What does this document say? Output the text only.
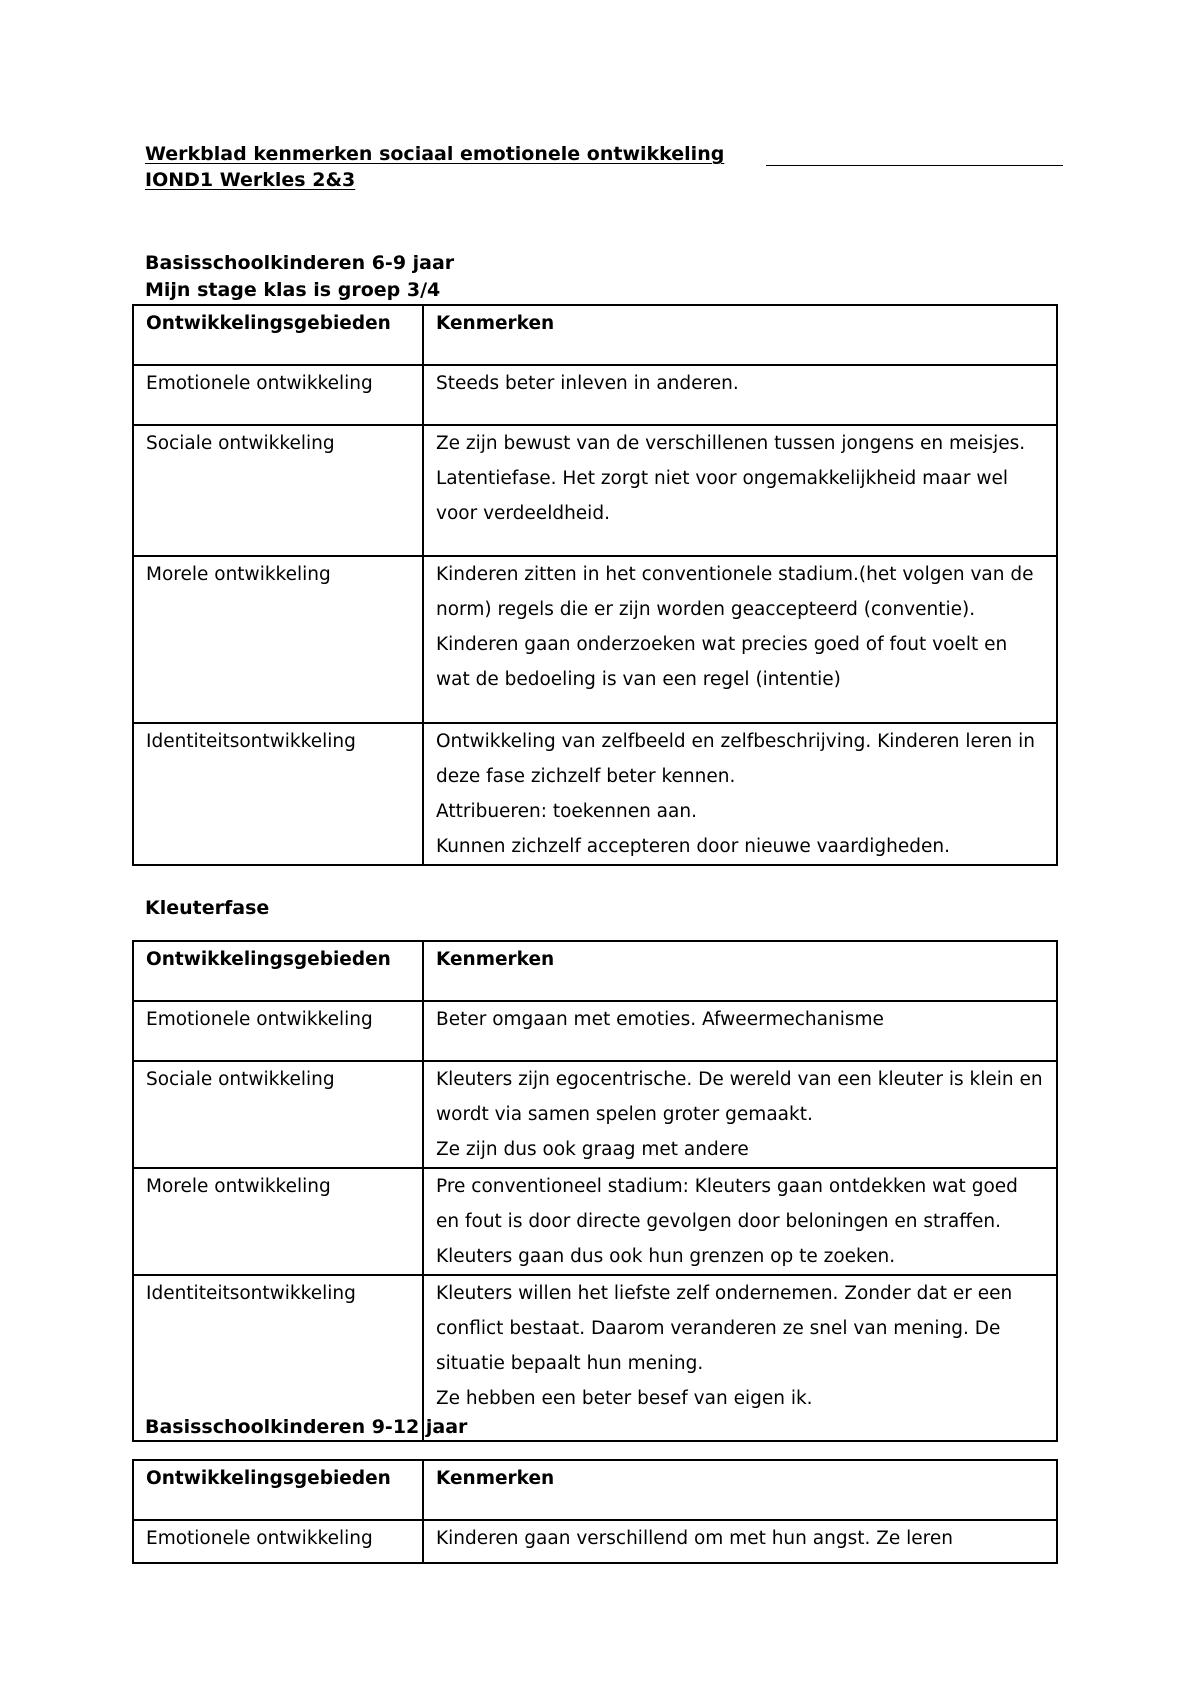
Werkblad kenmerken sociaal emotionele ontwikkeling
IOND1 Werkles 2&3
Basisschoolkinderen 6-9 jaar
Mijn stage klas is groep 3/4
Ontwikkelingsgebieden	Kenmerken

Emotionele ontwikkeling	Steeds beter inleven in anderen.
Sociale ontwikkeling	Ze zijn bewust van de verschillenen tussen jongens en meisjes. Latentiefase. Het zorgt niet voor ongemakkelijkheid maar wel voor verdeeldheid.
Morele ontwikkeling	Kinderen zitten in het conventionele stadium.(het volgen van de norm) regels die er zijn worden geaccepteerd (conventie). Kinderen gaan onderzoeken wat precies goed of fout voelt en wat de bedoeling is van een regel (intentie)
Identiteitsontwikkeling	Ontwikkeling van zelfbeeld en zelfbeschrijving. Kinderen leren in deze fase zichzelf beter kennen.
Attribueren: toekennen aan.
Kunnen zichzelf accepteren door nieuwe vaardigheden.
Kleuterfase
Ontwikkelingsgebieden	Kenmerken

Emotionele ontwikkeling	Beter omgaan met emoties. Afweermechanisme
Sociale ontwikkeling	Kleuters zijn egocentrische. De wereld van een kleuter is klein en wordt via samen spelen groter gemaakt.
Ze zijn dus ook graag met andere
Morele ontwikkeling	Pre conventioneel stadium: Kleuters gaan ontdekken wat goed en fout is door directe gevolgen door beloningen en straffen. Kleuters gaan dus ook hun grenzen op te zoeken.
Identiteitsontwikkeling	Kleuters willen het liefste zelf ondernemen. Zonder dat er een conflict bestaat. Daarom veranderen ze snel van mening. De situatie bepaalt hun mening.
Ze hebben een beter besef van eigen ik.
Basisschoolkinderen 9-12 jaar
Ontwikkelingsgebieden	Kenmerken

Emotionele ontwikkeling	Kinderen gaan verschillend om met hun angst. Ze leren
